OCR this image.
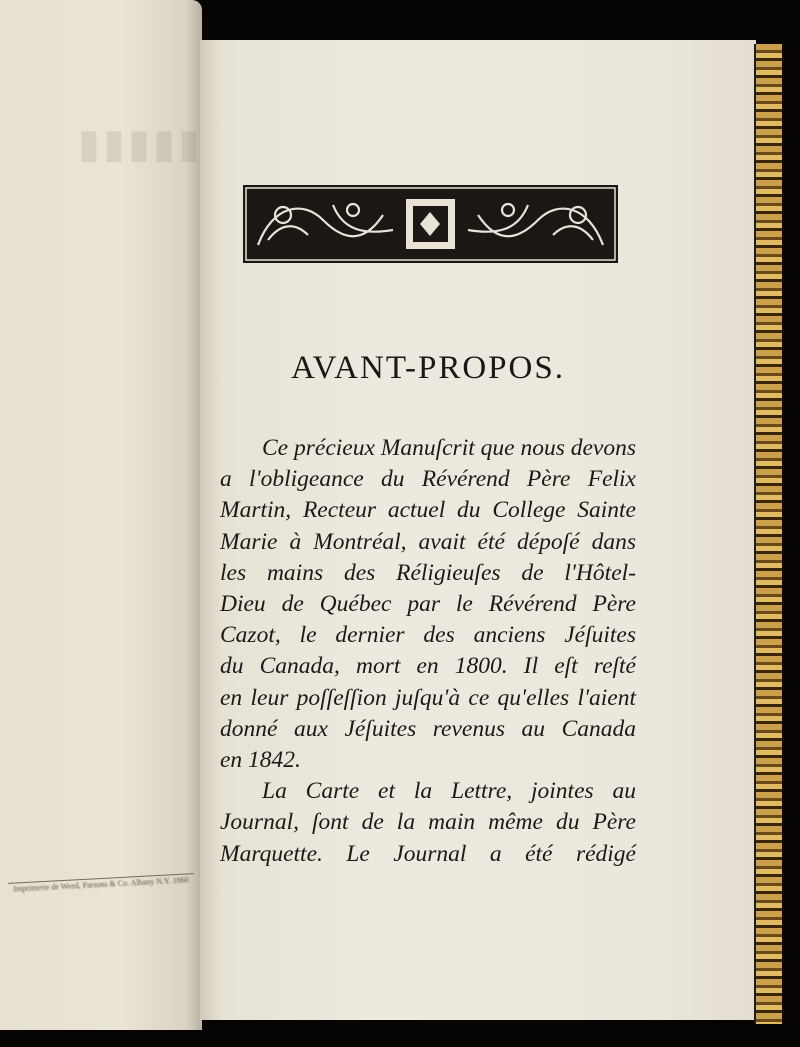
▮▮▮▮▮
Imprimerie de Weed, Parsons & Co. Albany N.Y. 1860
AVANT-PROPOS.
Ce précieux Manuſcrit que nous devons
a l'obligeance du Révérend Père Felix
Martin, Recteur actuel du College Sainte
Marie à Montréal, avait été dépoſé dans
les mains des Réligieuſes de l'Hôtel-
Dieu de Québec par le Révérend Père
Cazot, le dernier des anciens Jéſuites
du Canada, mort en 1800. Il eſt reſté
en leur poſſeſſion juſqu'à ce qu'elles l'aient
donné aux Jéſuites revenus au Canada
en 1842.
La Carte et la Lettre, jointes au
Journal, ſont de la main même du Père
Marquette. Le Journal a été rédigé
